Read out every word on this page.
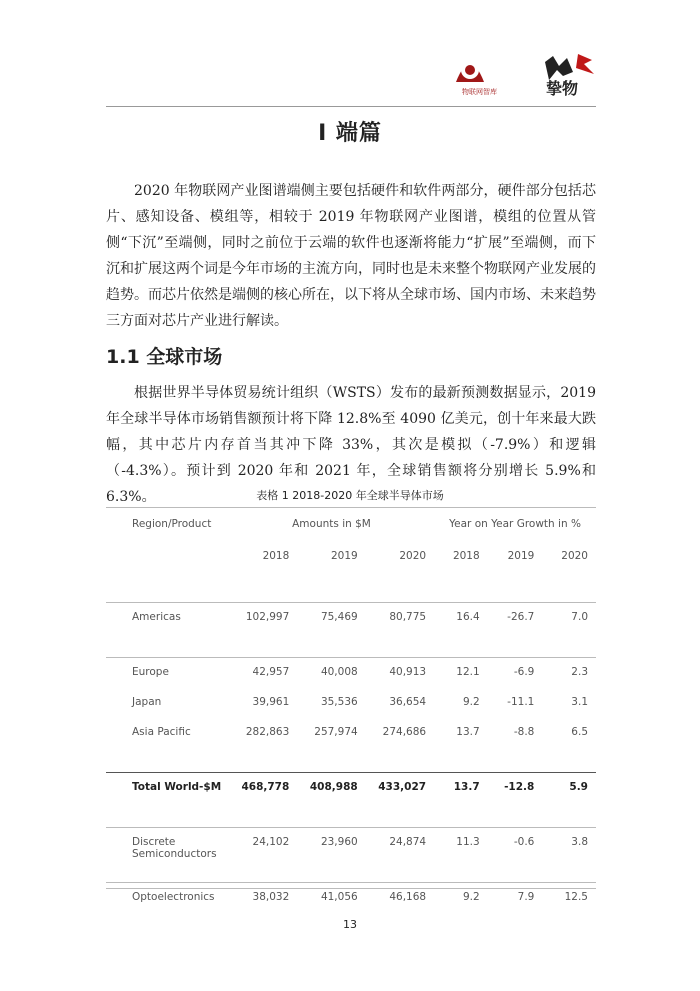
物联网智库	挚物
I 端篇

2020 年物联网产业图谱端侧主要包括硬件和软件两部分，硬件部分包括芯片、感知设备、模组等，相较于 2019 年物联网产业图谱，模组的位置从管侧“下沉”至端侧，同时之前位于云端的软件也逐渐将能力“扩展”至端侧，而下沉和扩展这两个词是今年市场的主流方向，同时也是未来整个物联网产业发展的趋势。而芯片依然是端侧的核心所在，以下将从全球市场、国内市场、未来趋势三方面对芯片产业进行解读。

1.1 全球市场

根据世界半导体贸易统计组织（WSTS）发布的最新预测数据显示，2019 年全球半导体市场销售额预计将下降 12.8%至 4090 亿美元，创十年来最大跌幅，其中芯片内存首当其冲下降 33%，其次是模拟（-7.9%）和逻辑（-4.3%）。预计到 2020 年和 2021 年，全球销售额将分别增长 5.9%和 6.3%。	表格 1 2018-2020 年全球半导体市场
Region/Product	Amounts in $M			Year on Year Growth in %		
	2018	2019	2020	2018	2019	2020
Americas	102,997	75,469	80,775	16.4	-26.7	7.0
Europe	42,957	40,008	40,913	12.1	-6.9	2.3
Japan	39,961	35,536	36,654	9.2	-11.1	3.1
Asia Pacific	282,863	257,974	274,686	13.7	-8.8	6.5
Total World-$M	468,778	408,988	433,027	13.7	-12.8	5.9

Discrete Semiconductors	24,102	23,960	24,874	11.3	-0.6	3.8

Optoelectronics	38,032	41,056	46,168	9.2	7.9	12.5
13
